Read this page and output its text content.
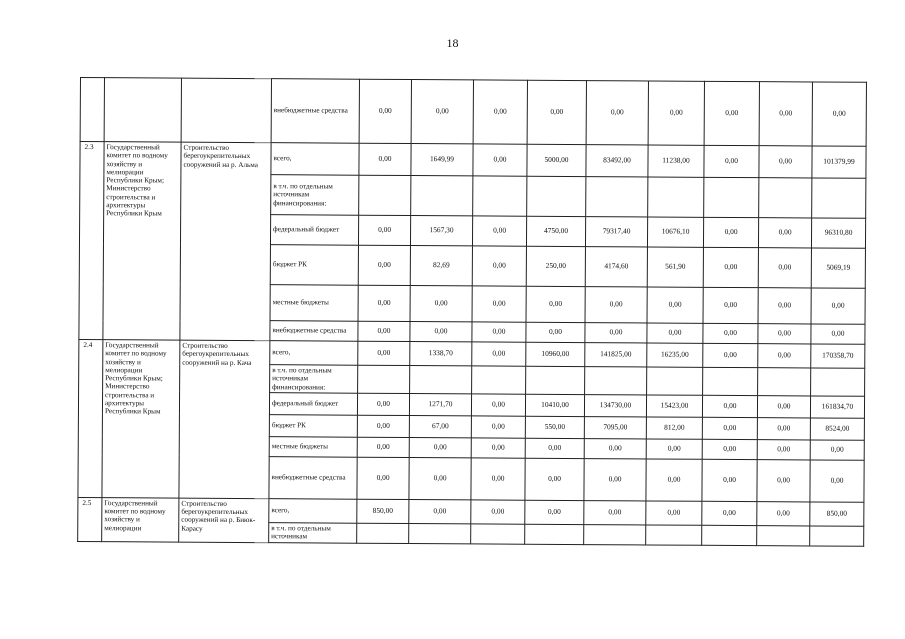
18
			внебюджетные средства	0,00	0,00	0,00	0,00	0,00	0,00	0,00	0,00	0,00
2.3	Государственный комитет по водному хозяйству и мелиорации Республики Крым; Министерство строительства и архитектуры Республики Крым	Строительство берегоукрепительных сооружений на р. Альма	всего,	0,00	1649,99	0,00	5000,00	83492,00	11238,00	0,00	0,00	101379,99
			в т.ч. по отдельным источникам финансирования:									
			федеральный бюджет	0,00	1567,30	0,00	4750,00	79317,40	10676,10	0,00	0,00	96310,80
			бюджет РК	0,00	82,69	0,00	250,00	4174,60	561,90	0,00	0,00	5069,19
			местные бюджеты	0,00	0,00	0,00	0,00	0,00	0,00	0,00	0,00	0,00
			внебюджетные средства	0,00	0,00	0,00	0,00	0,00	0,00	0,00	0,00	0,00
2.4	Государственный комитет по водному хозяйству и мелиорации Республики Крым; Министерство строительства и архитектуры Республики Крым	Строительство берегоукрепительных сооружений на р. Кача	всего,	0,00	1338,70	0,00	10960,00	141825,00	16235,00	0,00	0,00	170358,70
			в т.ч. по отдельным источникам финансирования:									
			федеральный бюджет	0,00	1271,70	0,00	10410,00	134730,00	15423,00	0,00	0,00	161834,70
			бюджет РК	0,00	67,00	0,00	550,00	7095,00	812,00	0,00	0,00	8524,00
			местные бюджеты	0,00	0,00	0,00	0,00	0,00	0,00	0,00	0,00	0,00
			внебюджетные средства	0,00	0,00	0,00	0,00	0,00	0,00	0,00	0,00	0,00
2.5	Государственный комитет по водному хозяйству и мелиорации	Строительство берегоукрепительных сооружений на р. Биюк-Карасу	всего,	850,00	0,00	0,00	0,00	0,00	0,00	0,00	0,00	850,00
			в т.ч. по отдельным источникам									
